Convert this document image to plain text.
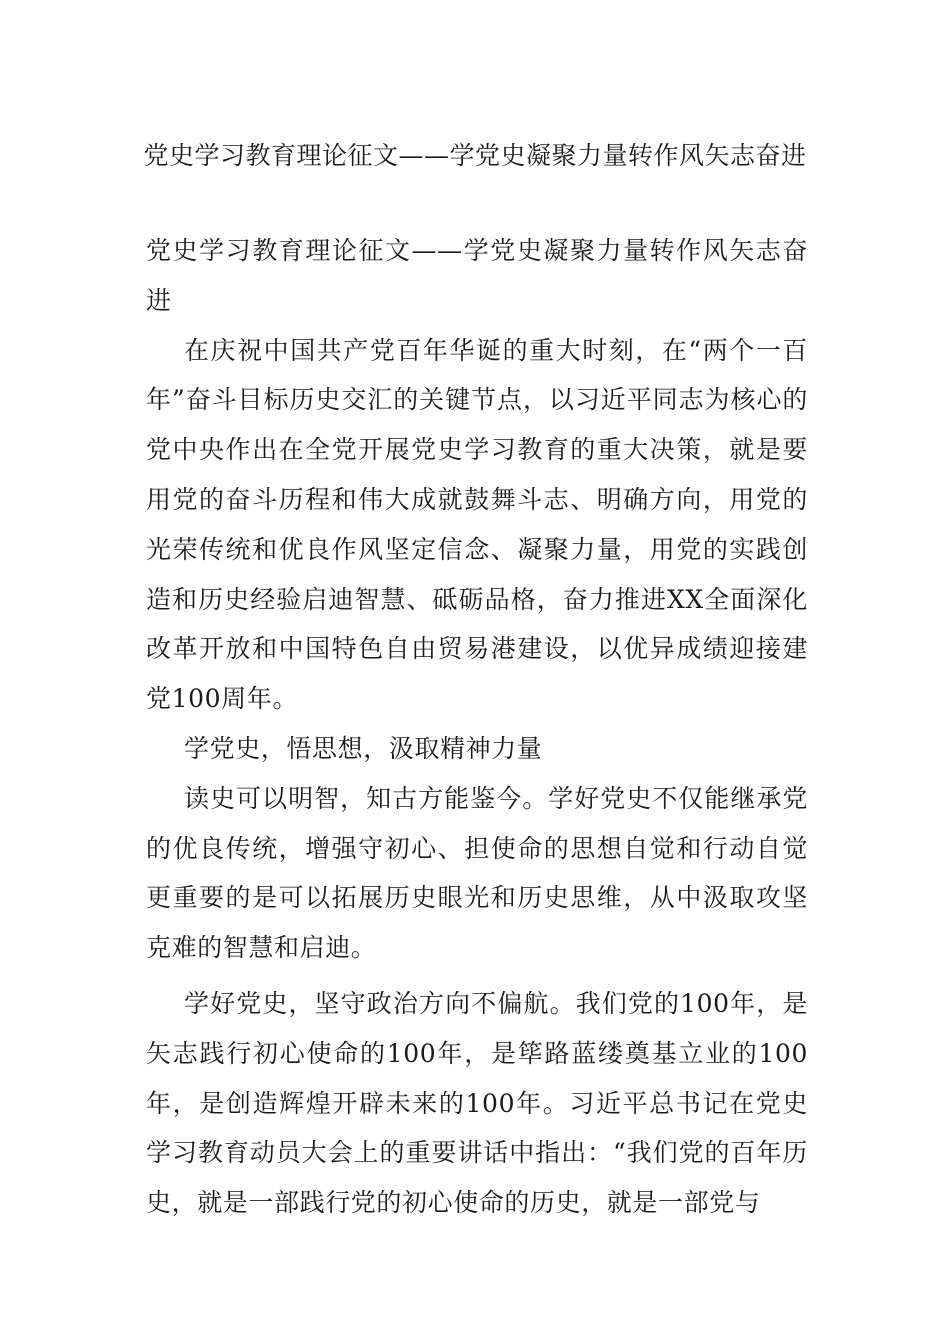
党史学习教育理论征文——学党史凝聚力量转作风矢志奋进

党史学习教育理论征文——学党史凝聚力量转作风矢志奋进

在庆祝中国共产党百年华诞的重大时刻，在“两个一百年”奋斗目标历史交汇的关键节点，以习近平同志为核心的党中央作出在全党开展党史学习教育的重大决策，就是要用党的奋斗历程和伟大成就鼓舞斗志、明确方向，用党的光荣传统和优良作风坚定信念、凝聚力量，用党的实践创造和历史经验启迪智慧、砥砺品格，奋力推进XX全面深化改革开放和中国特色自由贸易港建设，以优异成绩迎接建党100周年。

学党史，悟思想，汲取精神力量

读史可以明智，知古方能鉴今。学好党史不仅能继承党的优良传统，增强守初心、担使命的思想自觉和行动自觉更重要的是可以拓展历史眼光和历史思维，从中汲取攻坚克难的智慧和启迪。

学好党史，坚守政治方向不偏航。我们党的100年，是矢志践行初心使命的100年，是筚路蓝缕奠基立业的100年，是创造辉煌开辟未来的100年。习近平总书记在党史学习教育动员大会上的重要讲话中指出：“我们党的百年历史，就是一部践行党的初心使命的历史，就是一部党与
